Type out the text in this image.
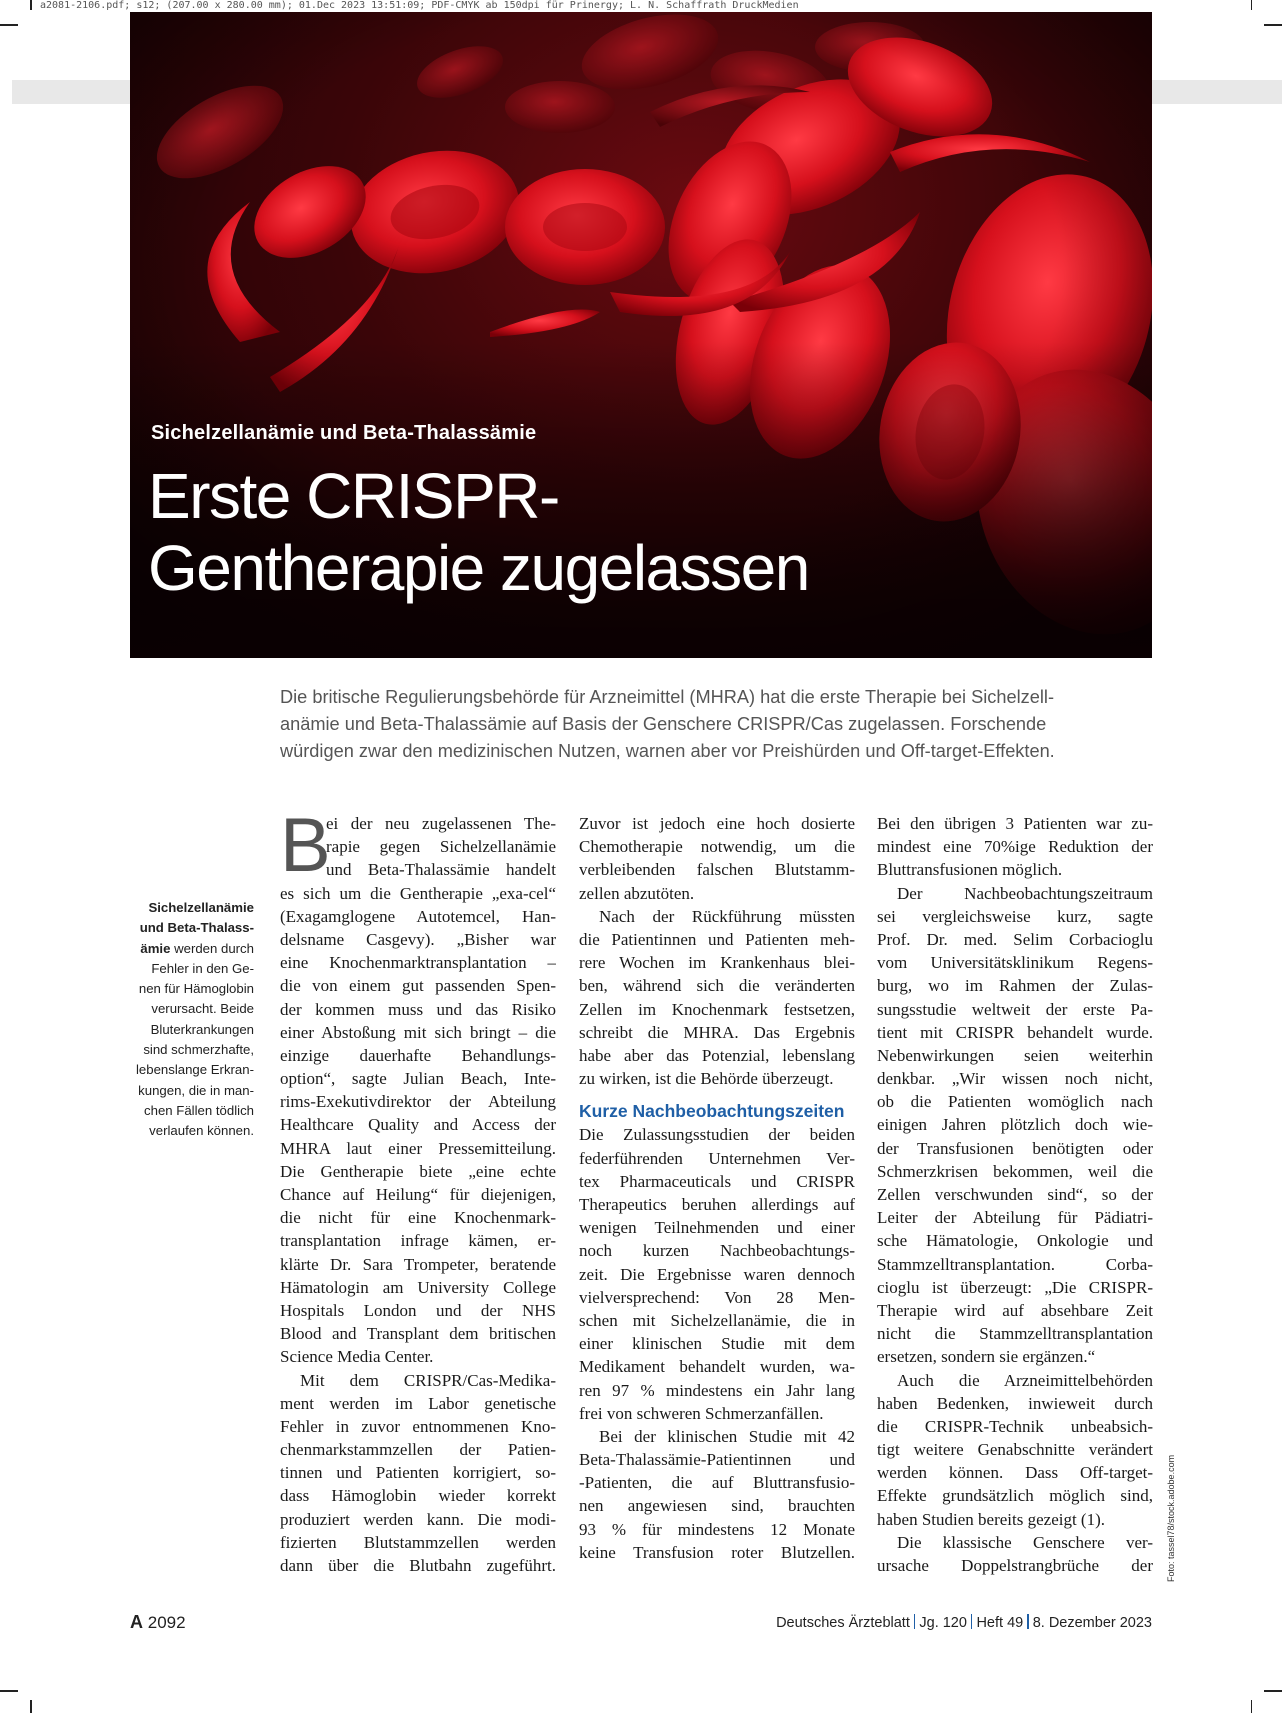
a2081-2106.pdf; s12; (207.00 x 280.00 mm); 01.Dec 2023 13:51:09; PDF-CMYK ab 150dpi für Prinergy; L. N. Schaffrath DruckMedien
Sichelzellanämie und Beta-Thalassämie
Erste CRISPR-
Gentherapie zugelassen
Die britische Regulierungsbehörde für Arzneimittel (MHRA) hat die erste Therapie bei Sichelzell-
anämie und Beta-Thalassämie auf Basis der Genschere CRISPR/Cas zugelassen. Forschende
würdigen zwar den medizinischen Nutzen, warnen aber vor Preishürden und Off-target-Effekten.
Sichelzellanämie
und Beta-Thalass-
ämie werden durch
Fehler in den Ge-
nen für Hämoglobin
verursacht. Beide
Bluterkrankungen
sind schmerzhafte,
lebenslange Erkran-
kungen, die in man-
chen Fällen tödlich
verlaufen können.
B
ei der neu zugelassenen The-
rapie gegen Sichelzellanämie
und Beta-Thalassämie handelt
es sich um die Gentherapie „exa-cel“
(Exagamglogene Autotemcel, Han-
delsname Casgevy). „Bisher war
eine Knochenmarktransplantation –
die von einem gut passenden Spen-
der kommen muss und das Risiko
einer Abstoßung mit sich bringt – die
einzige dauerhafte Behandlungs-
option“, sagte Julian Beach, Inte-
rims-Exekutivdirektor der Abteilung
Healthcare Quality and Access der
MHRA laut einer Pressemitteilung.
Die Gentherapie biete „eine echte
Chance auf Heilung“ für diejenigen,
die nicht für eine Knochenmark-
transplantation infrage kämen, er-
klärte Dr. Sara Trompeter, beratende
Hämatologin am University College
Hospitals London und der NHS
Blood and Transplant dem britischen
Science Media Center.
Mit dem CRISPR/Cas-Medika-
ment werden im Labor genetische
Fehler in zuvor entnommenen Kno-
chenmarkstammzellen der Patien-
tinnen und Patienten korrigiert, so-
dass Hämoglobin wieder korrekt
produziert werden kann. Die modi-
fizierten Blutstammzellen werden
dann über die Blutbahn zugeführt.
Zuvor ist jedoch eine hoch dosierte
Chemotherapie notwendig, um die
verbleibenden falschen Blutstamm-
zellen abzutöten.
Nach der Rückführung müssten
die Patientinnen und Patienten meh-
rere Wochen im Krankenhaus blei-
ben, während sich die veränderten
Zellen im Knochenmark festsetzen,
schreibt die MHRA. Das Ergebnis
habe aber das Potenzial, lebenslang
zu wirken, ist die Behörde überzeugt.
Kurze Nachbeobachtungszeiten
Die Zulassungsstudien der beiden
federführenden Unternehmen Ver-
tex Pharmaceuticals und CRISPR
Therapeutics beruhen allerdings auf
wenigen Teilnehmenden und einer
noch kurzen Nachbeobachtungs-
zeit. Die Ergebnisse waren dennoch
vielversprechend: Von 28 Men-
schen mit Sichelzellanämie, die in
einer klinischen Studie mit dem
Medikament behandelt wurden, wa-
ren 97 % mindestens ein Jahr lang
frei von schweren Schmerzanfällen.
Bei der klinischen Studie mit 42
Beta-Thalassämie-Patientinnen und
-Patienten, die auf Bluttransfusio-
nen angewiesen sind, brauchten
93 % für mindestens 12 Monate
keine Transfusion roter Blutzellen.
Bei den übrigen 3 Patienten war zu-
mindest eine 70%ige Reduktion der
Bluttransfusionen möglich.
Der Nachbeobachtungszeitraum
sei vergleichsweise kurz, sagte
Prof. Dr. med. Selim Corbacioglu
vom Universitätsklinikum Regens-
burg, wo im Rahmen der Zulas-
sungsstudie weltweit der erste Pa-
tient mit CRISPR behandelt wurde.
Nebenwirkungen seien weiterhin
denkbar. „Wir wissen noch nicht,
ob die Patienten womöglich nach
einigen Jahren plötzlich doch wie-
der Transfusionen benötigten oder
Schmerzkrisen bekommen, weil die
Zellen verschwunden sind“, so der
Leiter der Abteilung für Pädiatri-
sche Hämatologie, Onkologie und
Stammzelltransplantation. Corba-
cioglu ist überzeugt: „Die CRISPR-
Therapie wird auf absehbare Zeit
nicht die Stammzelltransplantation
ersetzen, sondern sie ergänzen.“
Auch die Arzneimittelbehörden
haben Bedenken, inwieweit durch
die CRISPR-Technik unbeabsich-
tigt weitere Genabschnitte verändert
werden können. Dass Off-target-
Effekte grundsätzlich möglich sind,
haben Studien bereits gezeigt (1).
Die klassische Genschere ver-
ursache Doppelstrangbrüche der Foto: tassel78/stock.adobe.com
A 2092	Deutsches Ärzteblatt Jg. 120 Heft 49 8. Dezember 2023
